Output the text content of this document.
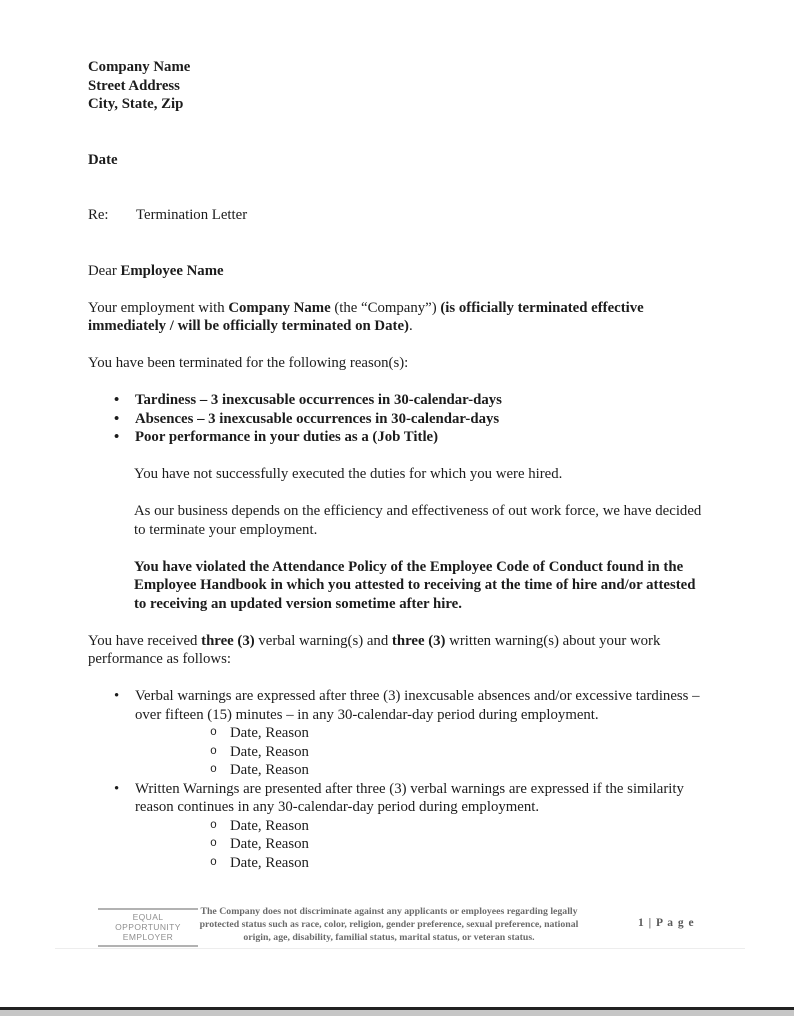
Company Name
Street Address
City, State, Zip

Date

Re: Termination Letter

Dear Employee Name

Your employment with Company Name (the “Company”) (is officially terminated effective immediately / will be officially terminated on Date).

You have been terminated for the following reason(s):

• Tardiness – 3 inexcusable occurrences in 30-calendar-days
• Absences – 3 inexcusable occurrences in 30-calendar-days
• Poor performance in your duties as a (Job Title)

You have not successfully executed the duties for which you were hired.

As our business depends on the efficiency and effectiveness of out work force, we have decided to terminate your employment.

You have violated the Attendance Policy of the Employee Code of Conduct found in the Employee Handbook in which you attested to receiving at the time of hire and/or attested to receiving an updated version sometime after hire.

You have received three (3) verbal warning(s) and three (3) written warning(s) about your work performance as follows:

• Verbal warnings are expressed after three (3) inexcusable absences and/or excessive tardiness – over fifteen (15) minutes – in any 30-calendar-day period during employment.
o Date, Reason
o Date, Reason
o Date, Reason
• Written Warnings are presented after three (3) verbal warnings are expressed if the similarity reason continues in any 30-calendar-day period during employment.
o Date, Reason
o Date, Reason
o Date, Reason
EQUAL
OPPORTUNITY
EMPLOYER
The Company does not discriminate against any applicants or employees regarding legally protected status such as race, color, religion, gender preference, sexual preference, national origin, age, disability, familial status, marital status, or veteran status.
1 | P a g e
